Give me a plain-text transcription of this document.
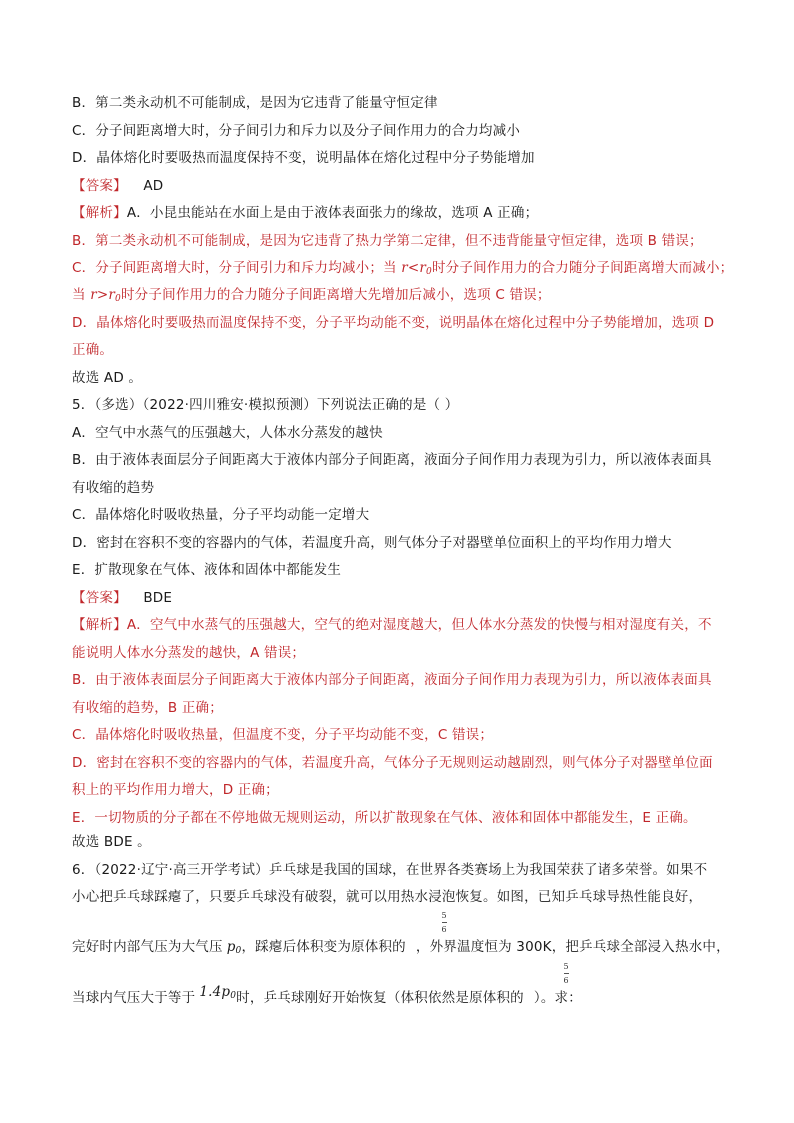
B．第二类永动机不可能制成，是因为它违背了能量守恒定律
C．分子间距离增大时，分子间引力和斥力以及分子间作用力的合力均减小
D．晶体熔化时要吸热而温度保持不变，说明晶体在熔化过程中分子势能增加
【答案】 AD
【解析】A．小昆虫能站在水面上是由于液体表面张力的缘故，选项 A 正确；
B．第二类永动机不可能制成，是因为它违背了热力学第二定律，但不违背能量守恒定律，选项 B 错误；
C．分子间距离增大时，分子间引力和斥力均减小；当 $r<r_0$时分子间作用力的合力随分子间距离增大而减小；
当 $r>r_0$时分子间作用力的合力随分子间距离增大先增加后减小，选项 C 错误；
D．晶体熔化时要吸热而温度保持不变，分子平均动能不变，说明晶体在熔化过程中分子势能增加，选项 D
正确。
故选 AD 。
5．（多选）（2022·四川雅安·模拟预测）下列说法正确的是（ ）
A．空气中水蒸气的压强越大，人体水分蒸发的越快
B．由于液体表面层分子间距离大于液体内部分子间距离，液面分子间作用力表现为引力，所以液体表面具
有收缩的趋势
C．晶体熔化时吸收热量，分子平均动能一定增大
D．密封在容积不变的容器内的气体，若温度升高，则气体分子对器壁单位面积上的平均作用力增大
E．扩散现象在气体、液体和固体中都能发生
【答案】 BDE
【解析】A．空气中水蒸气的压强越大，空气的绝对湿度越大，但人体水分蒸发的快慢与相对湿度有关，不
能说明人体水分蒸发的越快，A 错误；
B．由于液体表面层分子间距离大于液体内部分子间距离，液面分子间作用力表现为引力，所以液体表面具
有收缩的趋势，B 正确；
C．晶体熔化时吸收热量，但温度不变，分子平均动能不变，C 错误；
D．密封在容积不变的容器内的气体，若温度升高，气体分子无规则运动越剧烈，则气体分子对器壁单位面
积上的平均作用力增大，D 正确；
E．一切物质的分子都在不停地做无规则运动，所以扩散现象在气体、液体和固体中都能发生，E 正确。
故选 BDE 。
6．（2022·辽宁·高三开学考试）乒乓球是我国的国球，在世界各类赛场上为我国荣获了诸多荣誉。如果不
小心把乒乓球踩瘪了，只要乒乓球没有破裂，就可以用热水浸泡恢复。如图，已知乒乓球导热性能良好，
5
6
完好时内部气压为大气压 $p_0$，踩瘪后体积变为原体积的 ，外界温度恒为 300K，把乒乓球全部浸入热水中，
5
6
当球内气压大于等于 $1.4p_0$时，乒乓球刚好开始恢复（体积依然是原体积的 ）。求：
